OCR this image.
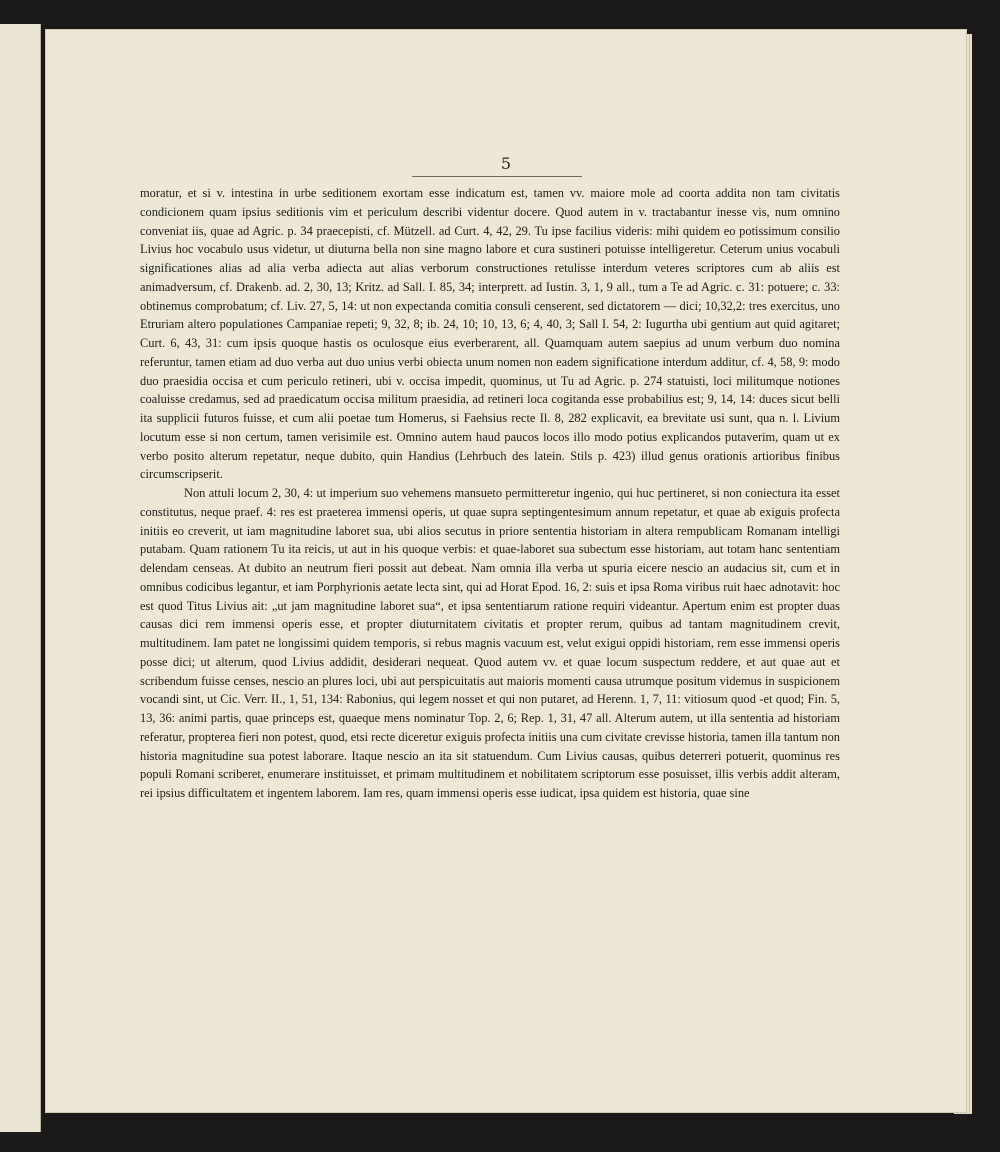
5

moratur, et si v. intestina in urbe seditionem exortam esse indicatum est, tamen vv. maiore mole ad coorta addita non tam civitatis condicionem quam ipsius seditionis vim et periculum describi videntur docere. Quod autem in v. tractabantur inesse vis, num omnino conveniat iis, quae ad Agric. p. 34 praecepisti, cf. Mützell. ad Curt. 4, 42, 29. Tu ipse facilius videris: mihi quidem eo potissimum consilio Livius hoc vocabulo usus videtur, ut diuturna bella non sine magno labore et cura sustineri potuisse intelligeretur. Ceterum unius vocabuli significationes alias ad alia verba adiecta aut alias verborum constructiones retulisse interdum veteres scriptores cum ab aliis est animadversum, cf. Drakenb. ad. 2, 30, 13; Kritz. ad Sall. I. 85, 34; interprett. ad Iustin. 3, 1, 9 all., tum a Te ad Agric. c. 31: potuere; c. 33: obtinemus comprobatum; cf. Liv. 27, 5, 14: ut non expectanda comitia consuli censerent, sed dictatorem — dici; 10,32,2: tres exercitus, uno Etruriam altero populationes Campaniae repeti; 9, 32, 8; ib. 24, 10; 10, 13, 6; 4, 40, 3; Sall I. 54, 2: Iugurtha ubi gentium aut quid agitaret; Curt. 6, 43, 31: cum ipsis quoque hastis os oculosque eius everberarent, all. Quamquam autem saepius ad unum verbum duo nomina referuntur, tamen etiam ad duo verba aut duo unius verbi obiecta unum nomen non eadem significatione interdum additur, cf. 4, 58, 9: modo duo praesidia occisa et cum periculo retineri, ubi v. occisa impedit, quominus, ut Tu ad Agric. p. 274 statuisti, loci militumque notiones coaluisse credamus, sed ad praedicatum occisa militum praesidia, ad retineri loca cogitanda esse probabilius est; 9, 14, 14: duces sicut belli ita supplicii futuros fuisse, et cum alii poetae tum Homerus, si Faehsius recte Il. 8, 282 explicavit, ea brevitate usi sunt, qua n. l. Livium locutum esse si non certum, tamen verisimile est. Omnino autem haud paucos locos illo modo potius explicandos putaverim, quam ut ex verbo posito alterum repetatur, neque dubito, quin Handius (Lehrbuch des latein. Stils p. 423) illud genus orationis artioribus finibus circumscripserit.

Non attuli locum 2, 30, 4: ut imperium suo vehemens mansueto permitteretur ingenio, qui huc pertineret, si non coniectura ita esset constitutus, neque praef. 4: res est praeterea immensi operis, ut quae supra septingentesimum annum repetatur, et quae ab exiguis profecta initiis eo creverit, ut iam magnitudine laboret sua, ubi alios secutus in priore sententia historiam in altera rempublicam Romanam intelligi putabam. Quam rationem Tu ita reicis, ut aut in his quoque verbis: et quae-laboret sua subectum esse historiam, aut totam hanc sententiam delendam censeas. At dubito an neutrum fieri possit aut debeat. Nam omnia illa verba ut spuria eicere nescio an audacius sit, cum et in omnibus codicibus legantur, et iam Porphyrionis aetate lecta sint, qui ad Horat Epod. 16, 2: suis et ipsa Roma viribus ruit haec adnotavit: hoc est quod Titus Livius ait: „ut jam magnitudine laboret sua“, et ipsa sententiarum ratione requiri videantur. Apertum enim est propter duas causas dici rem immensi operis esse, et propter diuturnitatem civitatis et propter rerum, quibus ad tantam magnitudinem crevit, multitudinem. Iam patet ne longissimi quidem temporis, si rebus magnis vacuum est, velut exigui oppidi historiam, rem esse immensi operis posse dici; ut alterum, quod Livius addidit, desiderari nequeat. Quod autem vv. et quae locum suspectum reddere, et aut quae aut et scribendum fuisse censes, nescio an plures loci, ubi aut perspicuitatis aut maioris momenti causa utrumque positum videmus in suspicionem vocandi sint, ut Cic. Verr. II., 1, 51, 134: Rabonius, qui legem nosset et qui non putaret, ad Herenn. 1, 7, 11: vitiosum quod -et quod; Fin. 5, 13, 36: animi partis, quae princeps est, quaeque mens nominatur Top. 2, 6; Rep. 1, 31, 47 all. Alterum autem, ut illa sententia ad historiam referatur, propterea fieri non potest, quod, etsi recte diceretur exiguis profecta initiis una cum civitate crevisse historia, tamen illa tantum non historia magnitudine sua potest laborare. Itaque nescio an ita sit statuendum. Cum Livius causas, quibus deterreri potuerit, quominus res populi Romani scriberet, enumerare instituisset, et primam multitudinem et nobilitatem scriptorum esse posuisset, illis verbis addit alteram, rei ipsius difficultatem et ingentem laborem. Iam res, quam immensi operis esse iudicat, ipsa quidem est historia, quae sine
